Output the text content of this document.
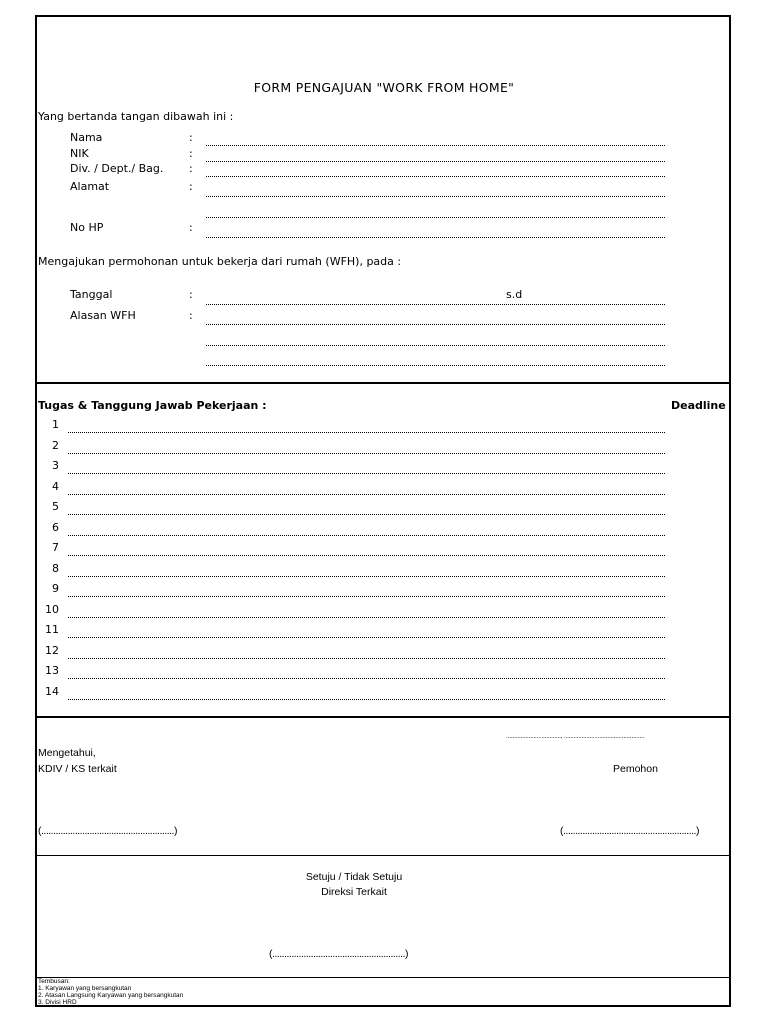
FORM PENGAJUAN "WORK FROM HOME"
Yang bertanda tangan dibawah ini :
Nama	:
NIK	:
Div. / Dept./ Bag. :
Alamat	:
No HP	:
Mengajukan permohonan untuk bekerja dari rumah (WFH), pada :
Tanggal	:	s.d
Alasan WFH	:
Tugas & Tanggung Jawab Pekerjaan :	Deadline
1
2
3
4
5
6
7
8
9
10
11
12
13
14
.................................., ..................................................
Mengetahui,
KDIV / KS terkait	Pemohon
(.......................................................)	(.......................................................)
Setuju / Tidak Setuju
Direksi Terkait
(.......................................................)
Tembusan:
1. Karyawan yang bersangkutan
2. Atasan Langsung Karyawan yang bersangkutan
3. Divisi HRD
